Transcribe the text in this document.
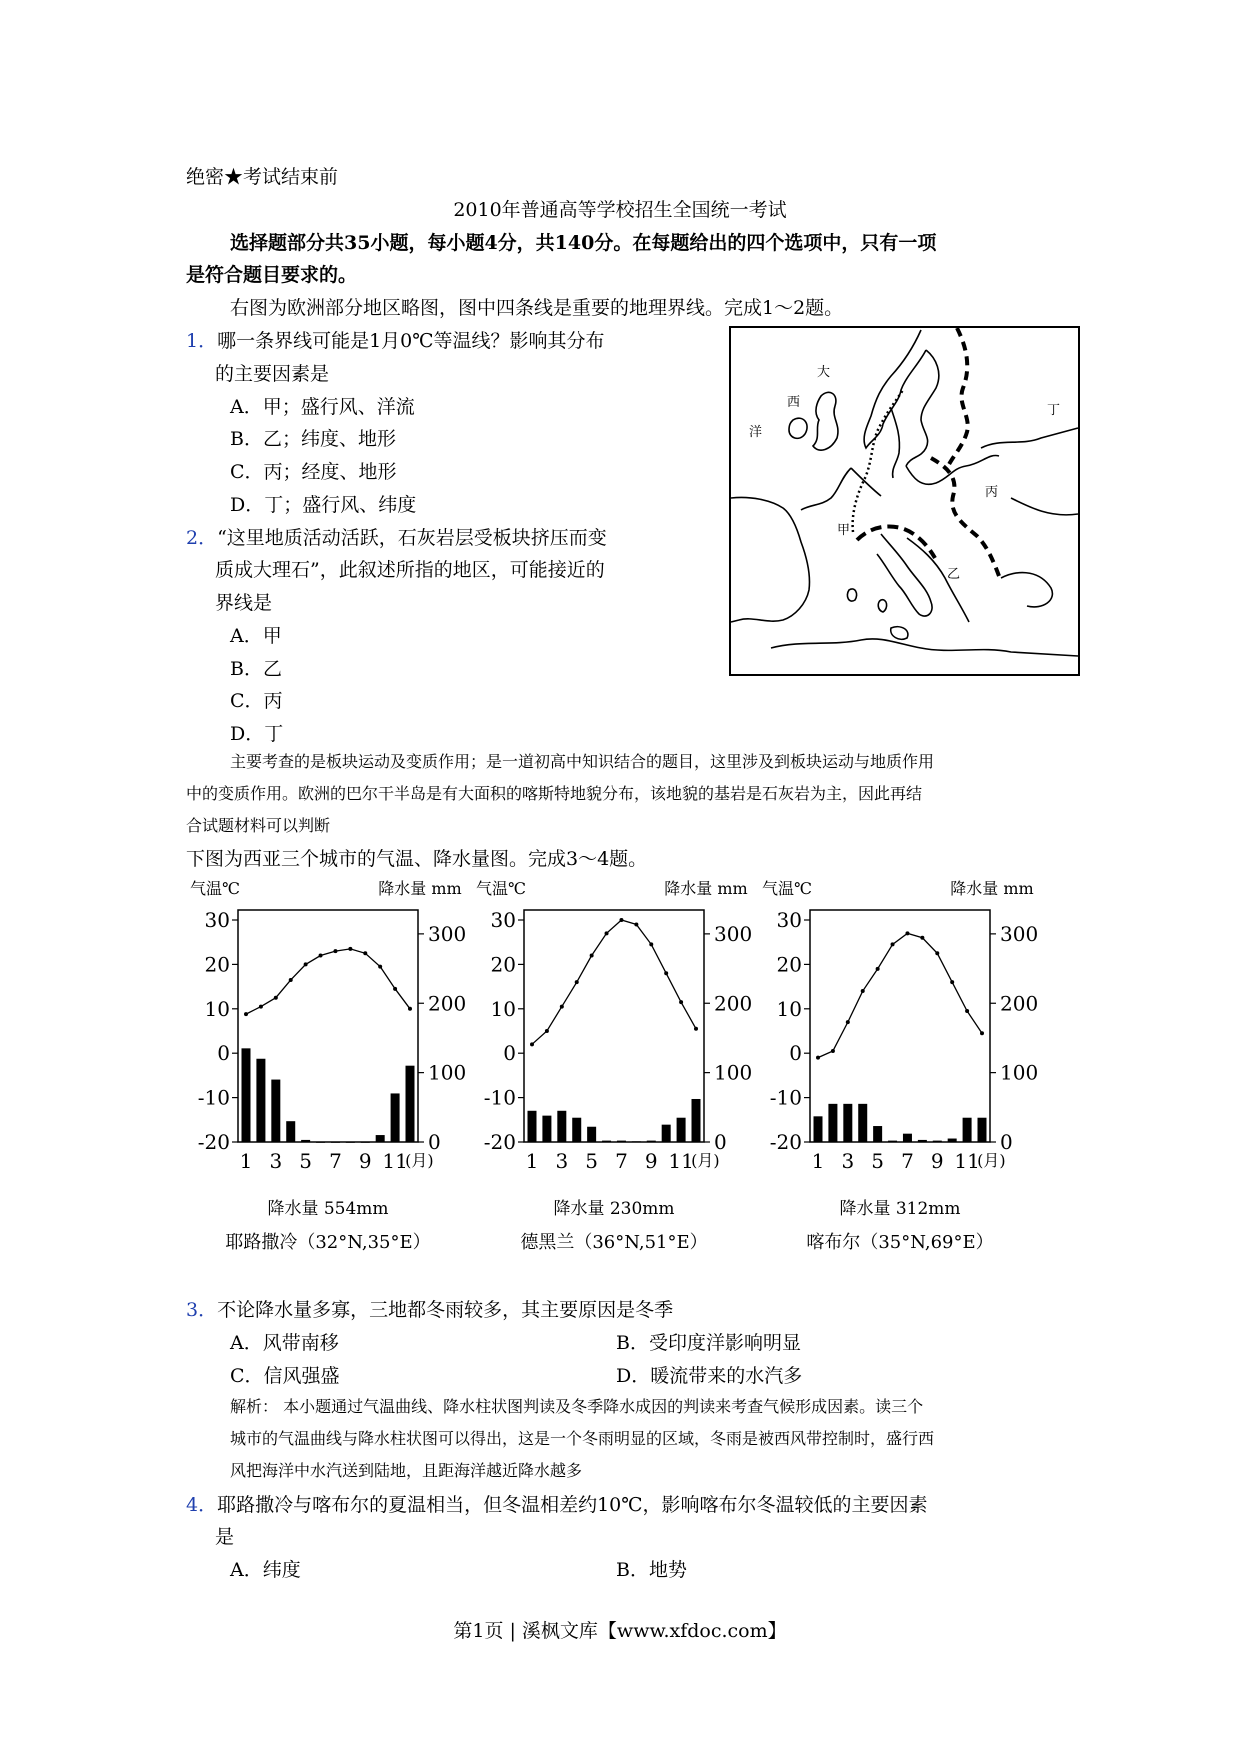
绝密★考试结束前
2010年普通高等学校招生全国统一考试
选择题部分共35小题，每小题4分，共140分。在每题给出的四个选项中，只有一项
是符合题目要求的。
右图为欧洲部分地区略图，图中四条线是重要的地理界线。完成1～2题。
1．哪一条界线可能是1月0℃等温线？影响其分布
的主要因素是
A．甲；盛行风、洋流
B．乙；纬度、地形
C．丙；经度、地形
D．丁；盛行风、纬度
2．“这里地质活动活跃，石灰岩层受板块挤压而变
质成大理石”，此叙述所指的地区，可能接近的
界线是
A．甲
B．乙
C．丙
D．丁
大
西
洋
丁
丙
甲
乙
主要考查的是板块运动及变质作用；是一道初高中知识结合的题目，这里涉及到板块运动与地质作用
中的变质作用。欧洲的巴尔干半岛是有大面积的喀斯特地貌分布，该地貌的基岩是石灰岩为主，因此再结
合试题材料可以判断
下图为西亚三个城市的气温、降水量图。完成3～4题。
气温℃	降水量 mm
30
20
10
0
-10
-20
300
200
100
0
1 3 5 7 9 11
(月)
降水量 554mm
耶路撒冷（32°N,35°E）
气温℃	降水量 mm
30
20
10
0
-10
-20
300
200
100
0
1 3 5 7 9 11
(月)
降水量 230mm
德黑兰（36°N,51°E）
气温℃	降水量 mm
30
20
10
0
-10
-20
300
200
100
0
1 3 5 7 9 11
(月)
降水量 312mm
喀布尔（35°N,69°E）
3．不论降水量多寡，三地都冬雨较多，其主要原因是冬季
A．风带南移	B．受印度洋影响明显
C．信风强盛	D．暖流带来的水汽多
解析： 本小题通过气温曲线、降水柱状图判读及冬季降水成因的判读来考查气候形成因素。读三个
城市的气温曲线与降水柱状图可以得出，这是一个冬雨明显的区域，冬雨是被西风带控制时，盛行西
风把海洋中水汽送到陆地，且距海洋越近降水越多
4．耶路撒冷与喀布尔的夏温相当，但冬温相差约10℃，影响喀布尔冬温较低的主要因素
是
A．纬度	B．地势
第1页 | 溪枫文库【www.xfdoc.com】
